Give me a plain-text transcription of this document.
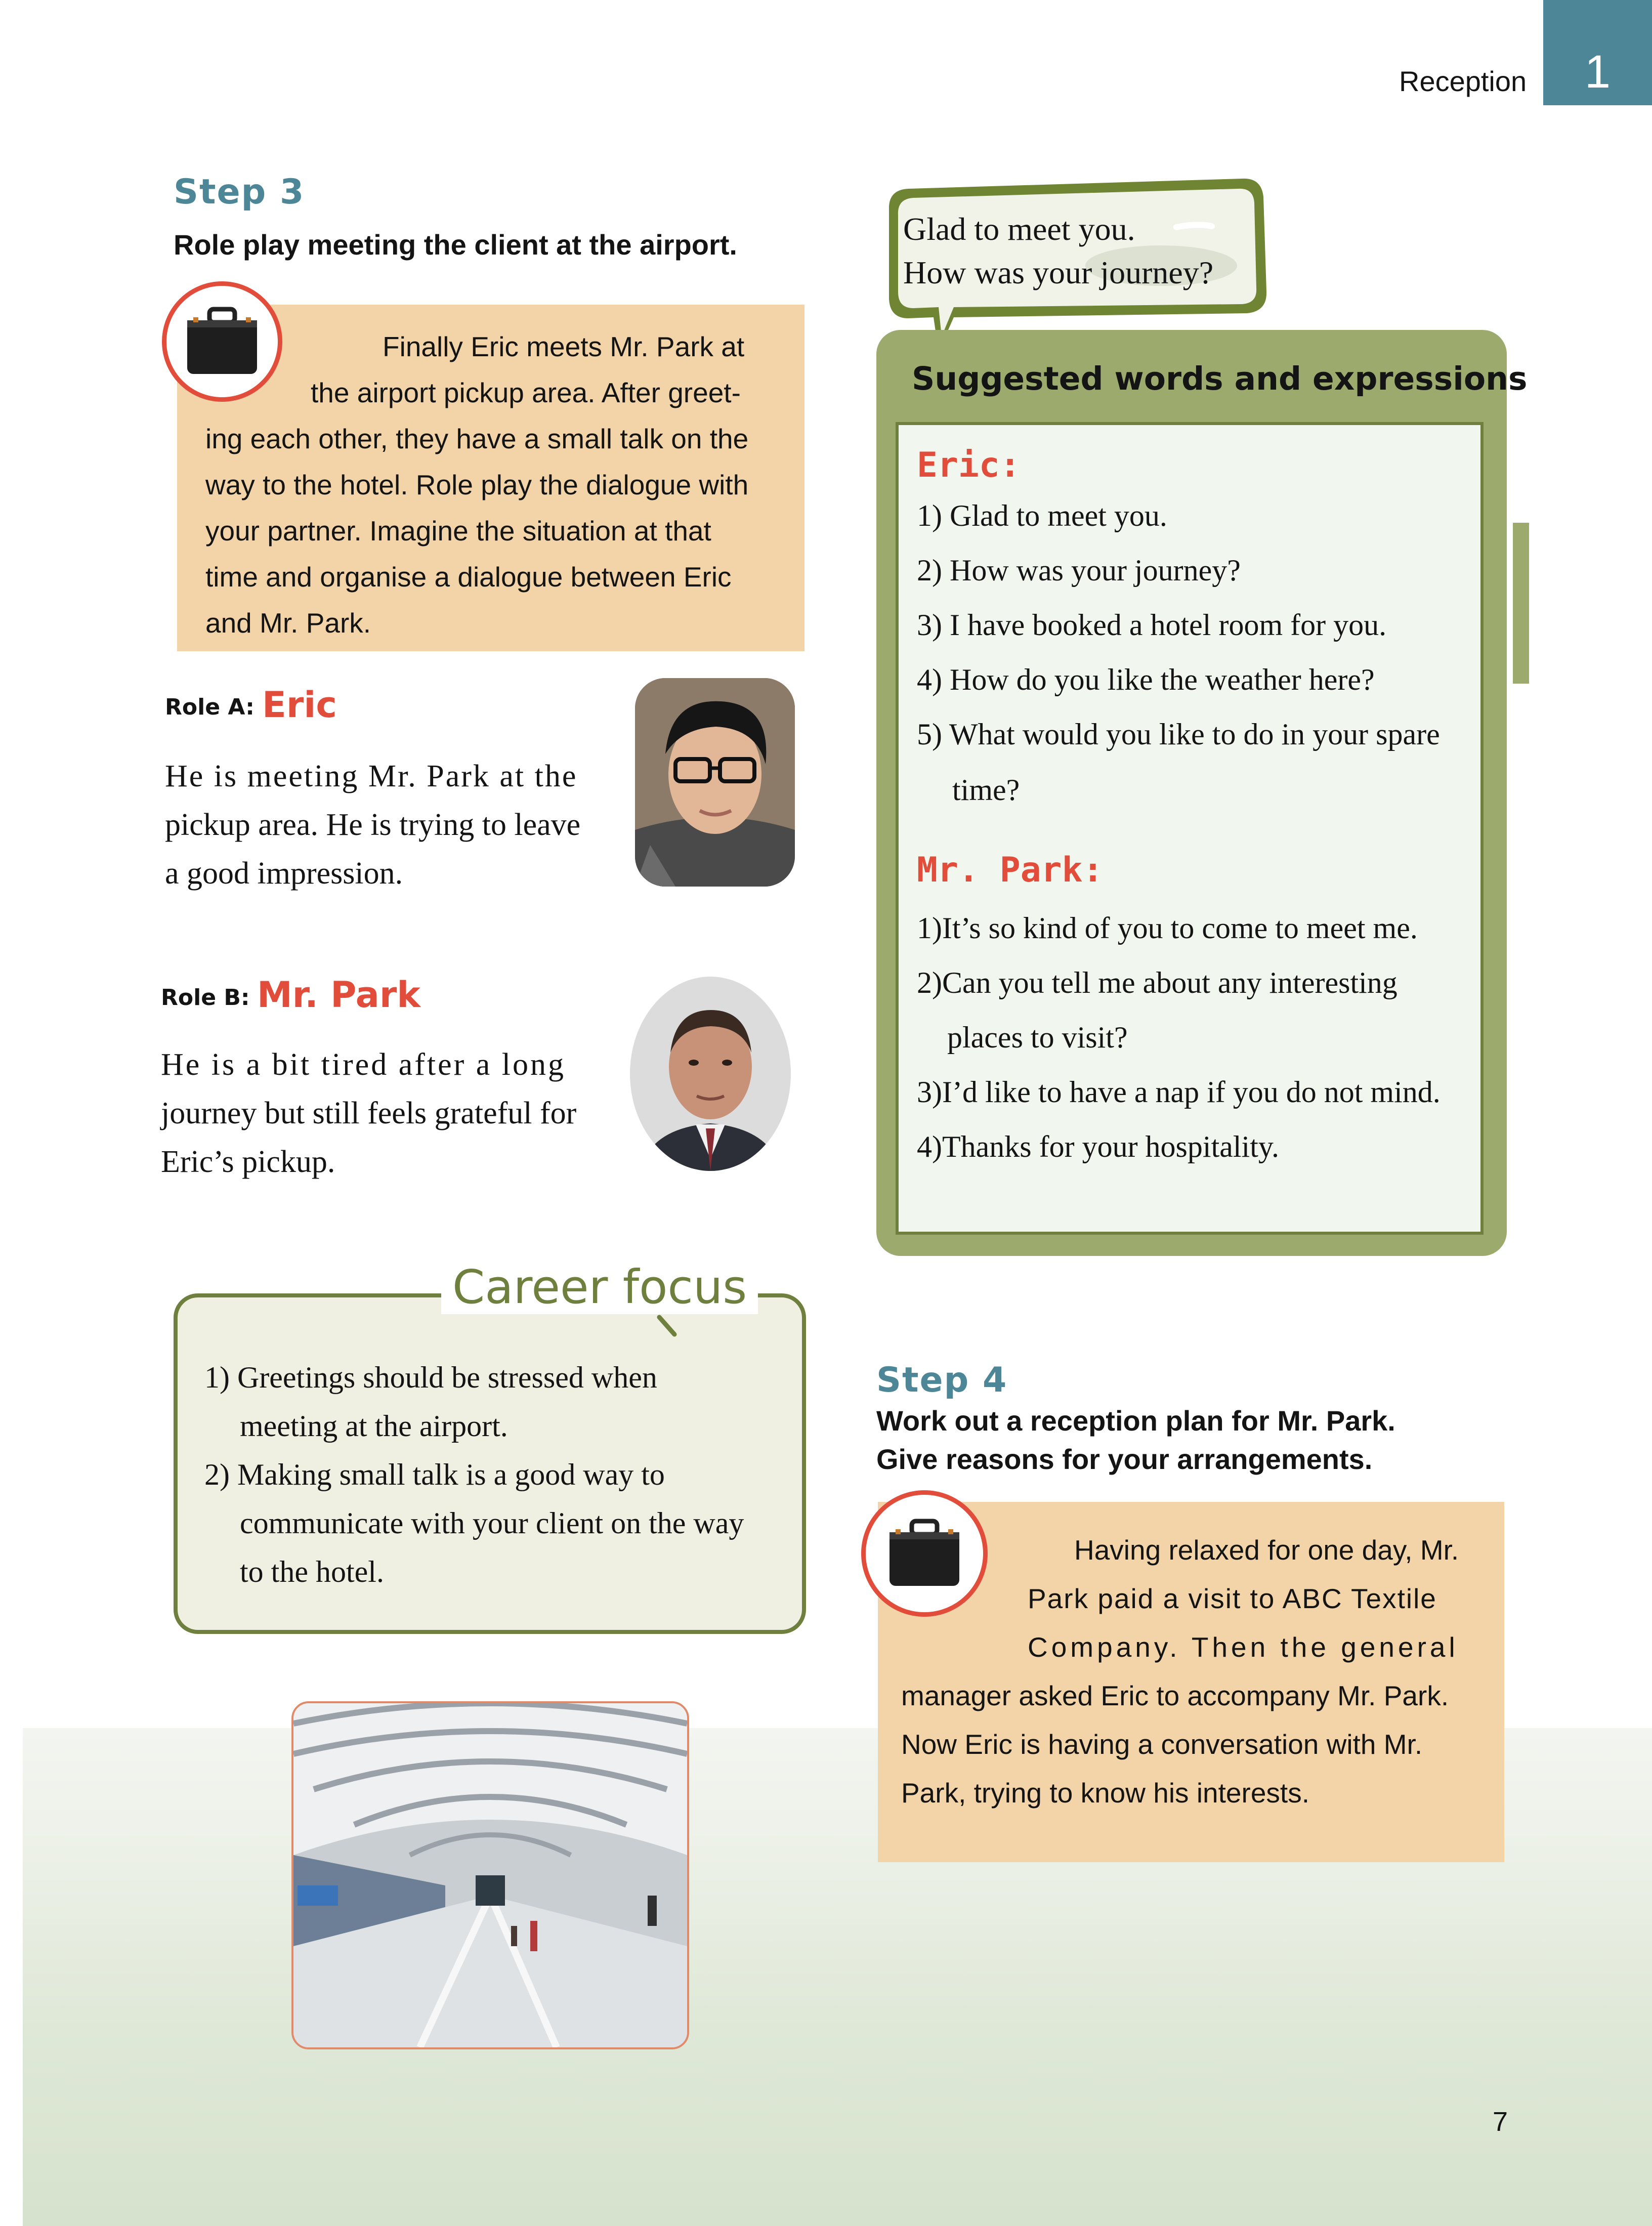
Reception	1
Step 3
Role play meeting the client at the airport.
Finally Eric meets Mr. Park at
the airport pickup area. After greet-
ing each other, they have a small talk on the
way to the hotel. Role play the dialogue with
your partner. Imagine the situation at that
time and organise a dialogue between Eric
and Mr. Park.
Role A: Eric
He is meeting Mr. Park at the
pickup area. He is trying to leave
a good impression.
Role B: Mr. Park
He is a bit tired after a long
journey but still feels grateful for
Eric’s pickup.
Glad to meet you.
How was your journey?
Suggested words and expressions
Eric:
1) Glad to meet you.
2) How was your journey?
3) I have booked a hotel room for you.
4) How do you like the weather here?
5) What would you like to do in your spare
time?
Mr. Park:
1)It’s so kind of you to come to meet me.
2)Can you tell me about any interesting
places to visit?
3)I’d like to have a nap if you do not mind.
4)Thanks for your hospitality.
Career focus
1) Greetings should be stressed when
meeting at the airport.
2) Making small talk is a good way to
communicate with your client on the way
to the hotel.
Step 4
Work out a reception plan for Mr. Park.
Give reasons for your arrangements.
Having relaxed for one day, Mr.
Park paid a visit to ABC Textile
Company. Then the general
manager asked Eric to accompany Mr. Park.
Now Eric is having a conversation with Mr.
Park, trying to know his interests.
7
